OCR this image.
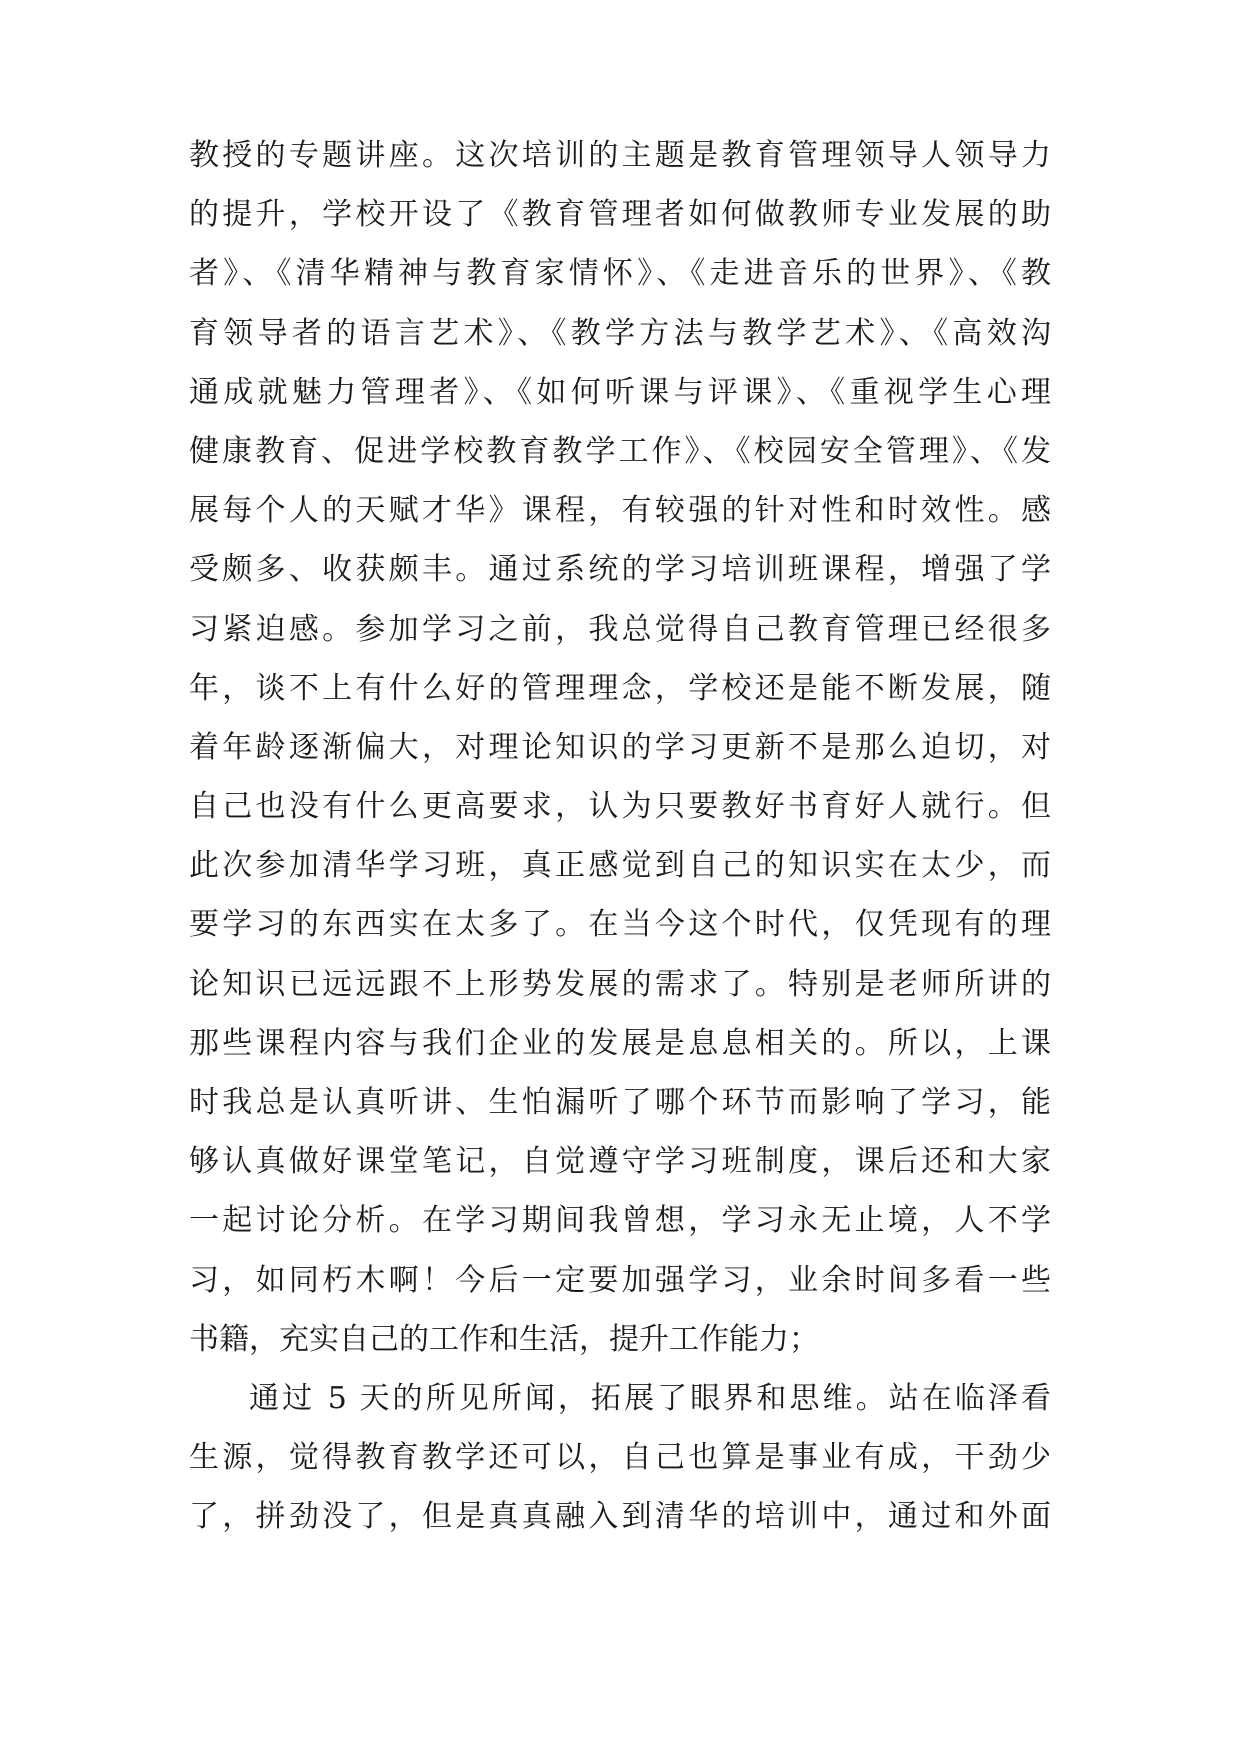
教授的专题讲座。这次培训的主题是教育管理领导人领导力
的提升，学校开设了《教育管理者如何做教师专业发展的助
者》、《清华精神与教育家情怀》、《走进音乐的世界》、《教
育领导者的语言艺术》、《教学方法与教学艺术》、《高效沟
通成就魅力管理者》、《如何听课与评课》、《重视学生心理
健康教育、促进学校教育教学工作》、《校园安全管理》、《发
展每个人的天赋才华》课程，有较强的针对性和时效性。感
受颇多、收获颇丰。通过系统的学习培训班课程，增强了学
习紧迫感。参加学习之前，我总觉得自己教育管理已经很多
年，谈不上有什么好的管理理念，学校还是能不断发展，随
着年龄逐渐偏大，对理论知识的学习更新不是那么迫切，对
自己也没有什么更高要求，认为只要教好书育好人就行。但
此次参加清华学习班，真正感觉到自己的知识实在太少，而
要学习的东西实在太多了。在当今这个时代，仅凭现有的理
论知识已远远跟不上形势发展的需求了。特别是老师所讲的
那些课程内容与我们企业的发展是息息相关的。所以，上课
时我总是认真听讲、生怕漏听了哪个环节而影响了学习，能
够认真做好课堂笔记，自觉遵守学习班制度，课后还和大家
一起讨论分析。在学习期间我曾想，学习永无止境，人不学
习，如同朽木啊！今后一定要加强学习，业余时间多看一些
书籍，充实自己的工作和生活，提升工作能力；
通过 5 天的所见所闻，拓展了眼界和思维。站在临泽看
生源，觉得教育教学还可以，自己也算是事业有成，干劲少
了，拼劲没了，但是真真融入到清华的培训中，通过和外面
